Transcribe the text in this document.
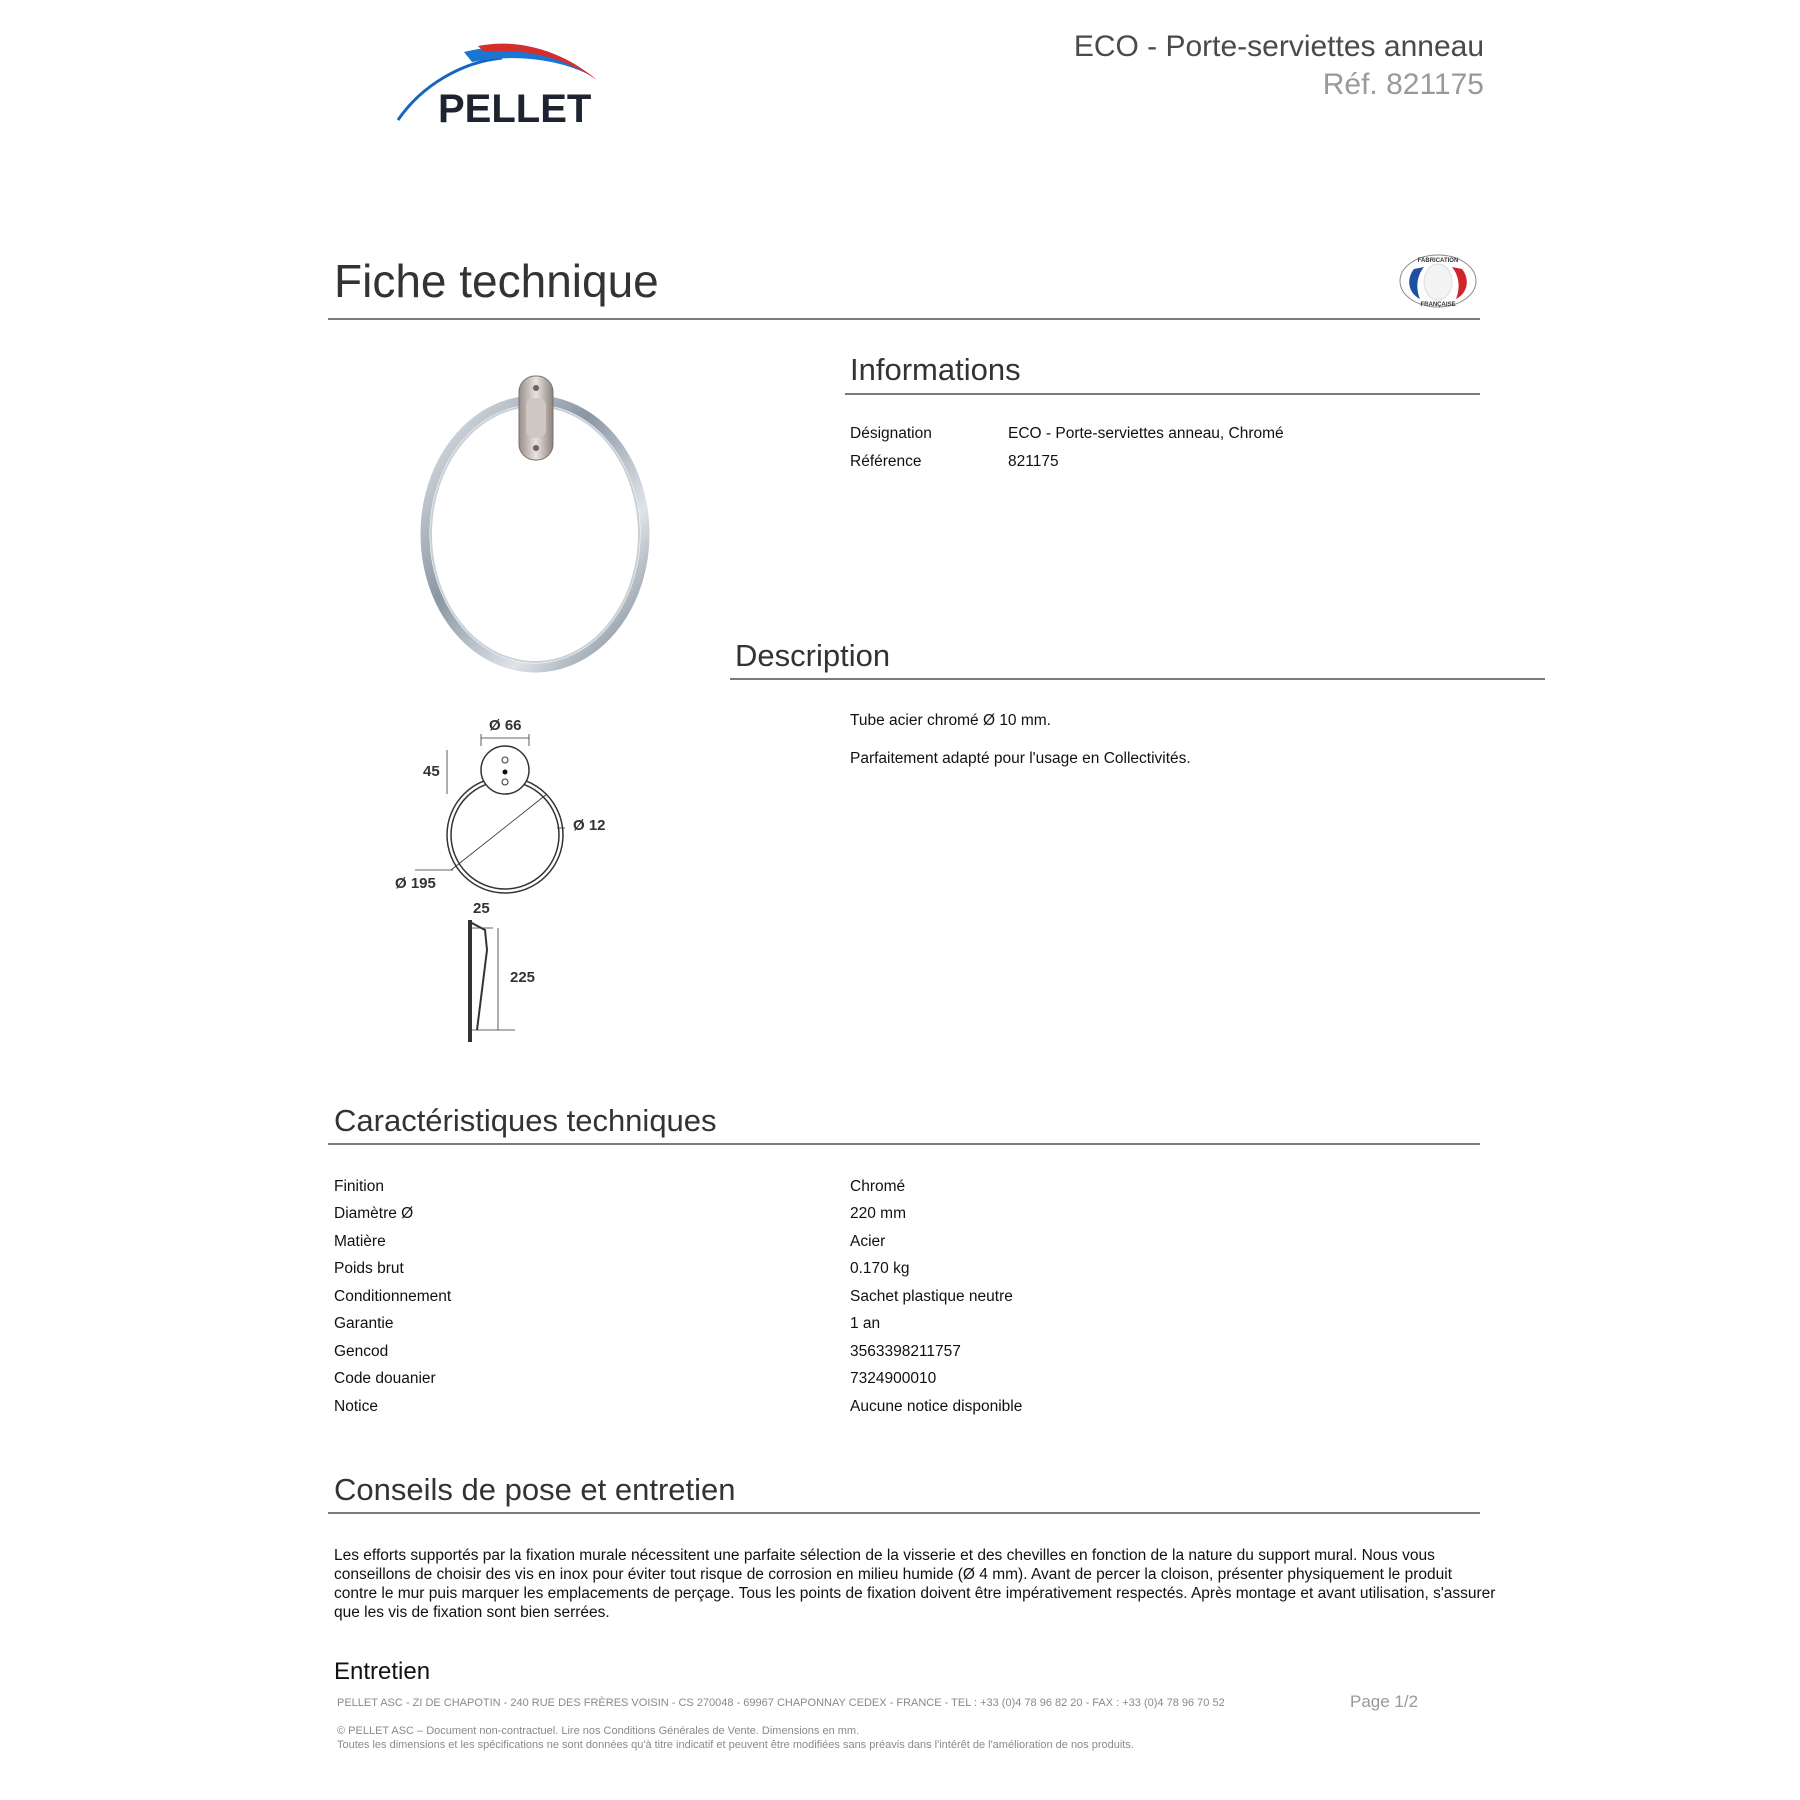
PELLET
ECO - Porte-serviettes anneau
Réf. 821175
Fiche technique	FABRICATION
FRANÇAISE
Ø 66
45
Ø 12
Ø 195
25
225
Informations
Désignation	ECO - Porte-serviettes anneau, Chromé
Référence	821175
Description
Tube acier chromé Ø 10 mm.
Parfaitement adapté pour l'usage en Collectivités.
Caractéristiques techniques
Finition	Chromé
Diamètre Ø	220 mm
Matière	Acier
Poids brut	0.170 kg
Conditionnement	Sachet plastique neutre
Garantie	1 an
Gencod	3563398211757
Code douanier	7324900010
Notice	Aucune notice disponible
Conseils de pose et entretien
Les efforts supportés par la fixation murale nécessitent une parfaite sélection de la visserie et des chevilles en fonction de la nature du support mural. Nous vous
conseillons de choisir des vis en inox pour éviter tout risque de corrosion en milieu humide (Ø 4 mm). Avant de percer la cloison, présenter physiquement le produit
contre le mur puis marquer les emplacements de perçage. Tous les points de fixation doivent être impérativement respectés. Après montage et avant utilisation, s'assurer
que les vis de fixation sont bien serrées.
Entretien
PELLET ASC - ZI DE CHAPOTIN - 240 RUE DES FRÈRES VOISIN - CS 270048 - 69967 CHAPONNAY CEDEX - FRANCE - TEL : +33 (0)4 78 96 82 20 - FAX : +33 (0)4 78 96 70 52	Page 1/2
© PELLET ASC – Document non-contractuel. Lire nos Conditions Générales de Vente. Dimensions en mm.
Toutes les dimensions et les spécifications ne sont données qu'à titre indicatif et peuvent être modifiées sans préavis dans l'intérêt de l'amélioration de nos produits.
